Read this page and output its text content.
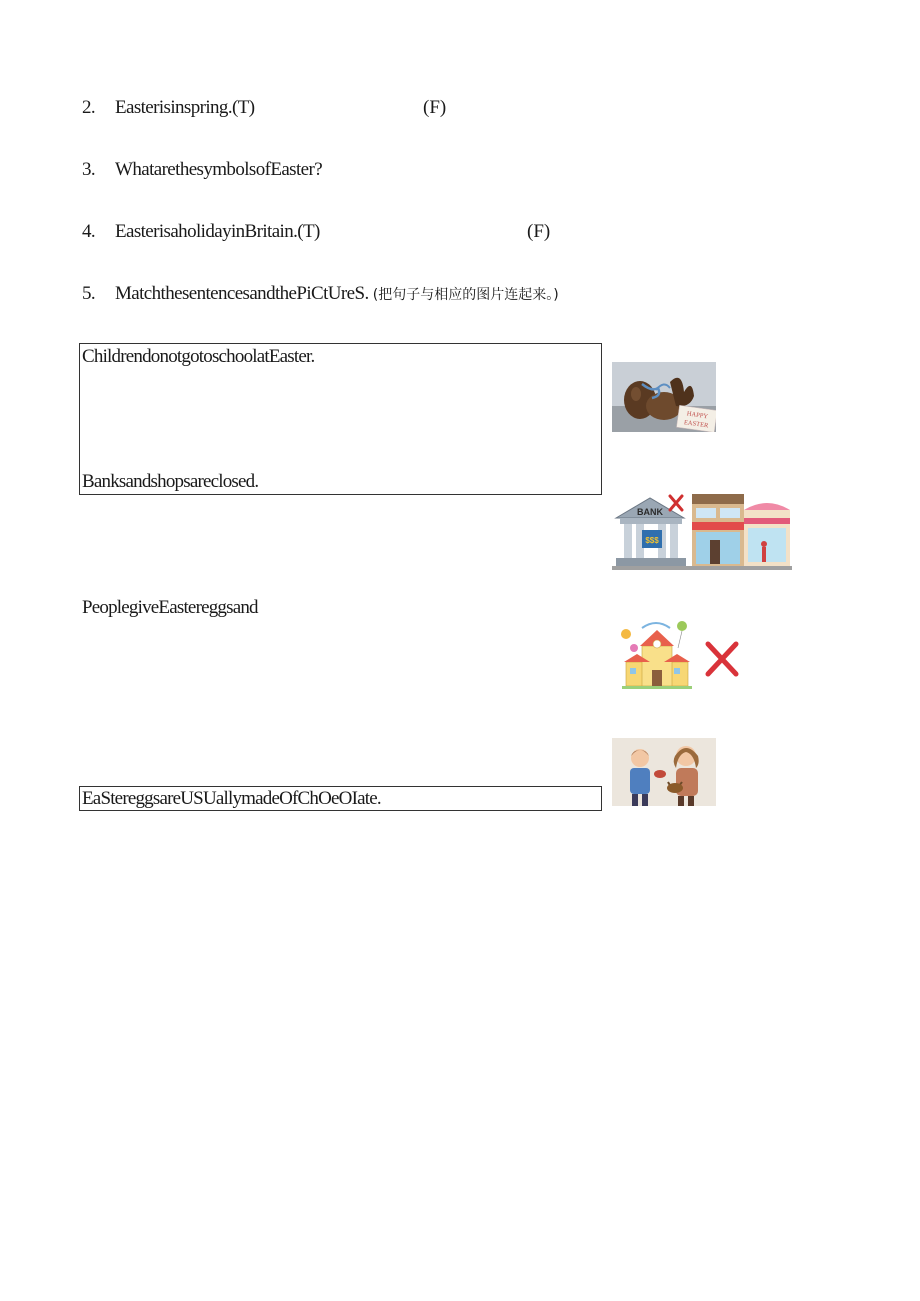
2. Easterisinspring.(T)	(F)
3. WhatarethesymbolsofEaster?
4. EasterisaholidayinBritain.(T)	(F)
5. MatchthesentencesandthePiCtUreS. (把句子与相应的图片连起来。)
ChildrendonotgotoschoolatEaster.
Banksandshopsareclosed.
PeoplegiveEastereggsand
EaStereggsareUSUallymadeOfChOeOIate.
HAPPY
EASTER
BANK
$$$
